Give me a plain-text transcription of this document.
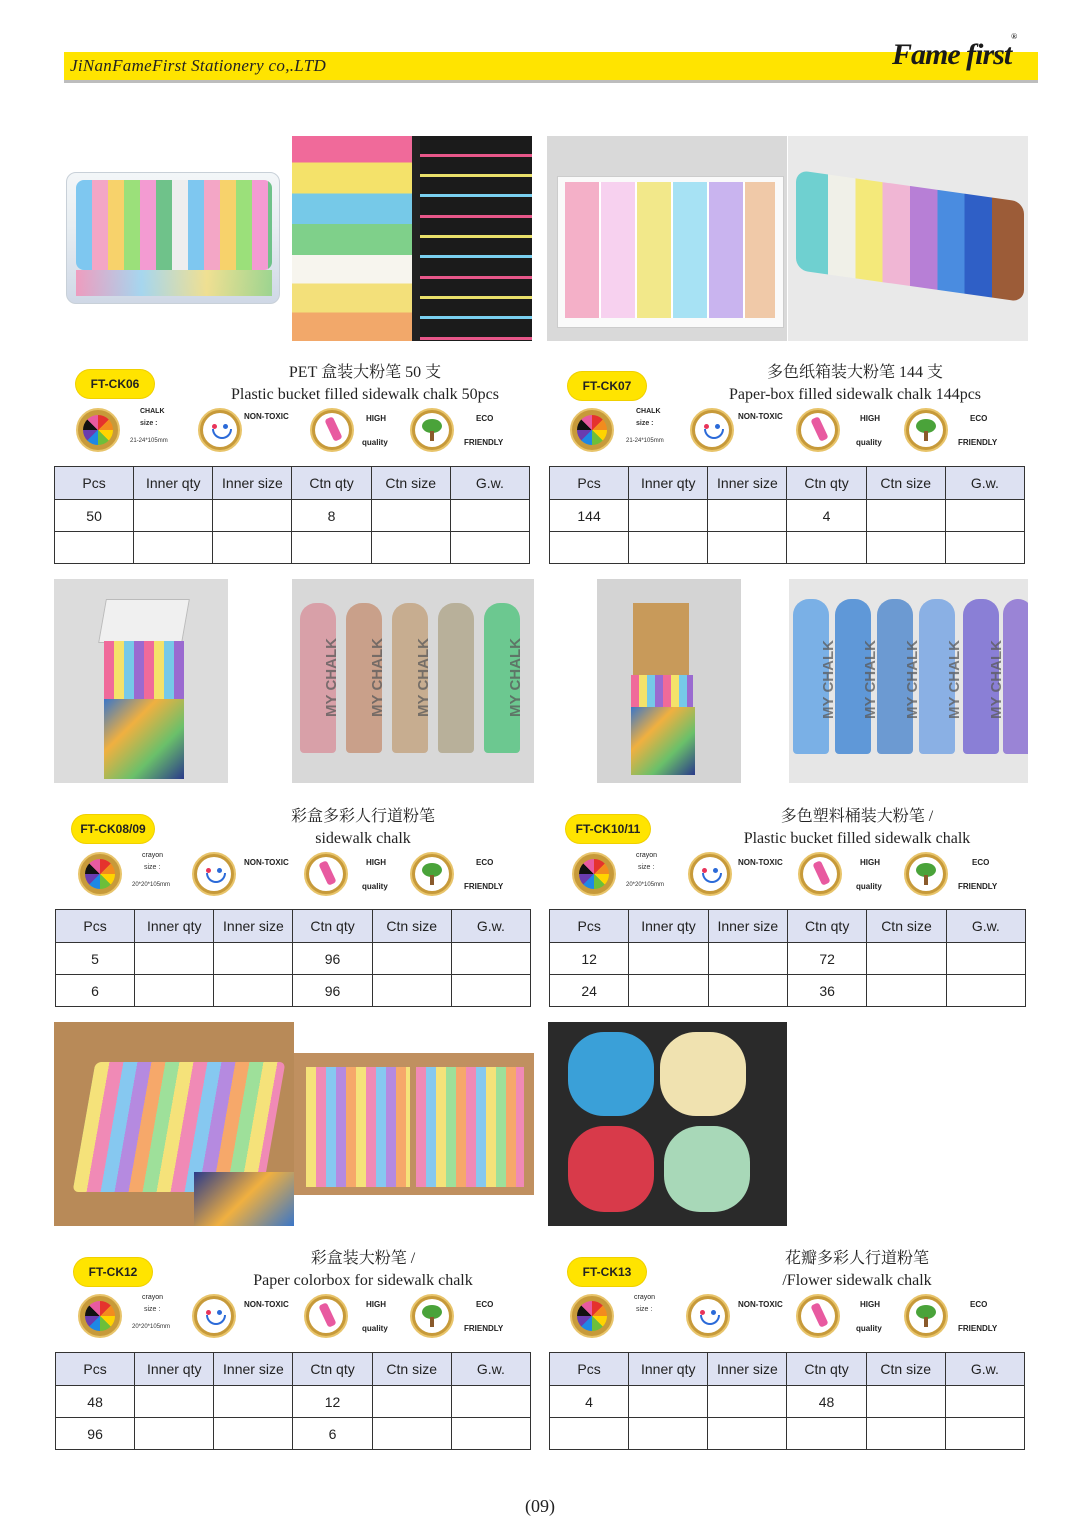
JiNanFameFirst Stationery co,.LTD	Fame first®
FT-CK06
PET 盒装大粉笔 50 支
Plastic bucket filled sidewalk chalk 50pcs
CHALK
size :
21-24*105mm
NON-TOXIC	HIGH
quality
ECO
FRIENDLY
Pcs	Inner qty	Inner size	Ctn qty	Ctn size	G.w.
50			8		

FT-CK07
多色纸箱装大粉笔 144 支
Paper-box filled sidewalk chalk 144pcs
CHALK
size :
21-24*105mm
NON-TOXIC	HIGH
quality
ECO
FRIENDLY
Pcs	Inner qty	Inner size	Ctn qty	Ctn size	G.w.
144			4		

MY CHALK MY CHALK MY CHALK	MY CHALK	MY CHALK MY CHALK MY CHALK MY CHALK MY CHALK
FT-CK08/09
彩盒多彩人行道粉笔
sidewalk chalk
crayon
size :
20*20*105mm
NON-TOXIC	HIGH
quality
ECO
FRIENDLY
Pcs	Inner qty	Inner size	Ctn qty	Ctn size	G.w.
5			96		
6			96		
FT-CK10/11
多色塑料桶装大粉笔 /
Plastic bucket filled sidewalk chalk
crayon
size :
20*20*105mm
NON-TOXIC	HIGH
quality
ECO
FRIENDLY
Pcs	Inner qty	Inner size	Ctn qty	Ctn size	G.w.
12			72		
24			36		
FT-CK12
彩盒装大粉笔 /
Paper colorbox for sidewalk chalk
crayon
size :
20*20*105mm
NON-TOXIC	HIGH
quality
ECO
FRIENDLY
Pcs	Inner qty	Inner size	Ctn qty	Ctn size	G.w.
48			12		
96			6		
FT-CK13
花瓣多彩人行道粉笔
/Flower sidewalk chalk
crayon
size :
NON-TOXIC	HIGH
quality
ECO
FRIENDLY
Pcs	Inner qty	Inner size	Ctn qty	Ctn size	G.w.
4			48		

(09)
